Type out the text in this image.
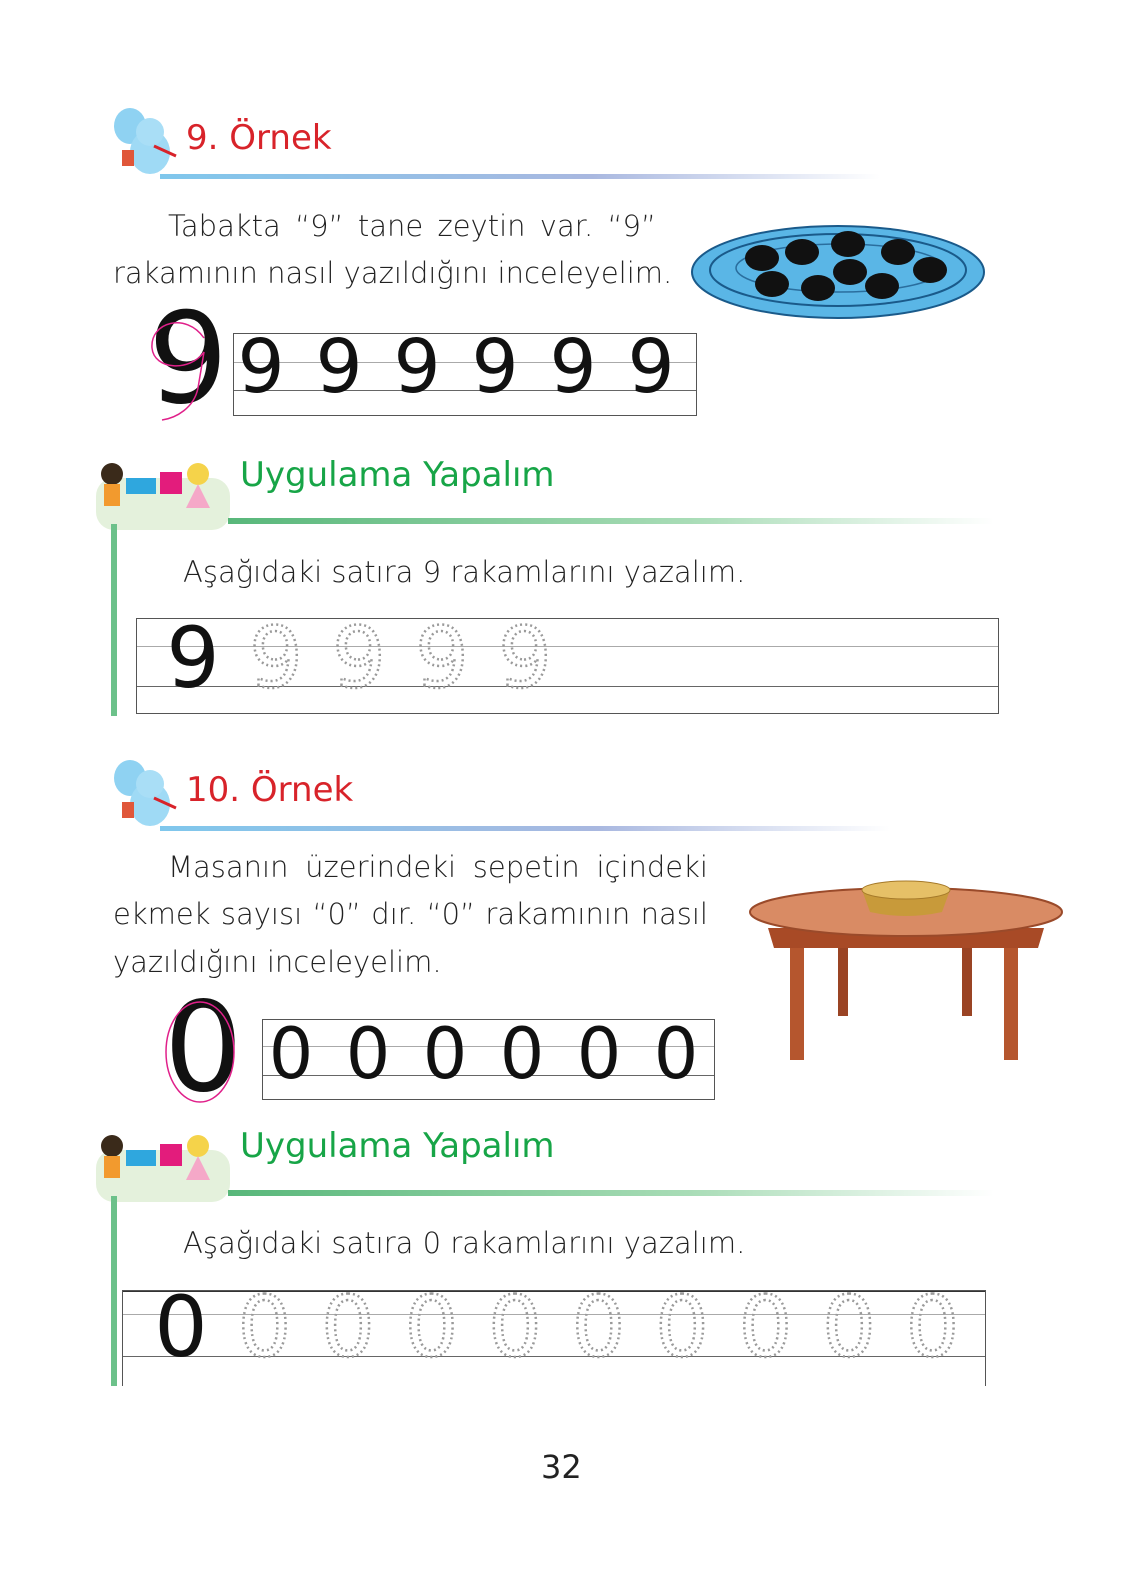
9. Örnek
Tabakta “9” tane zeytin var. “9”
rakamının nasıl yazıldığını inceleyelim.
9 9 9 9 9 9 9
Uygulama Yapalım
Aşağıdaki satıra 9 rakamlarını yazalım.
9 9 9 9 9
10. Örnek
Masanın üzerindeki sepetin içindeki
ekmek sayısı “0” dır. “0” rakamının nasıl
yazıldığını inceleyelim.
0 0 0 0 0 0 0
Uygulama Yapalım
Aşağıdaki satıra 0 rakamlarını yazalım.
0 0 0 0 0 0 0 0 0 0
32
